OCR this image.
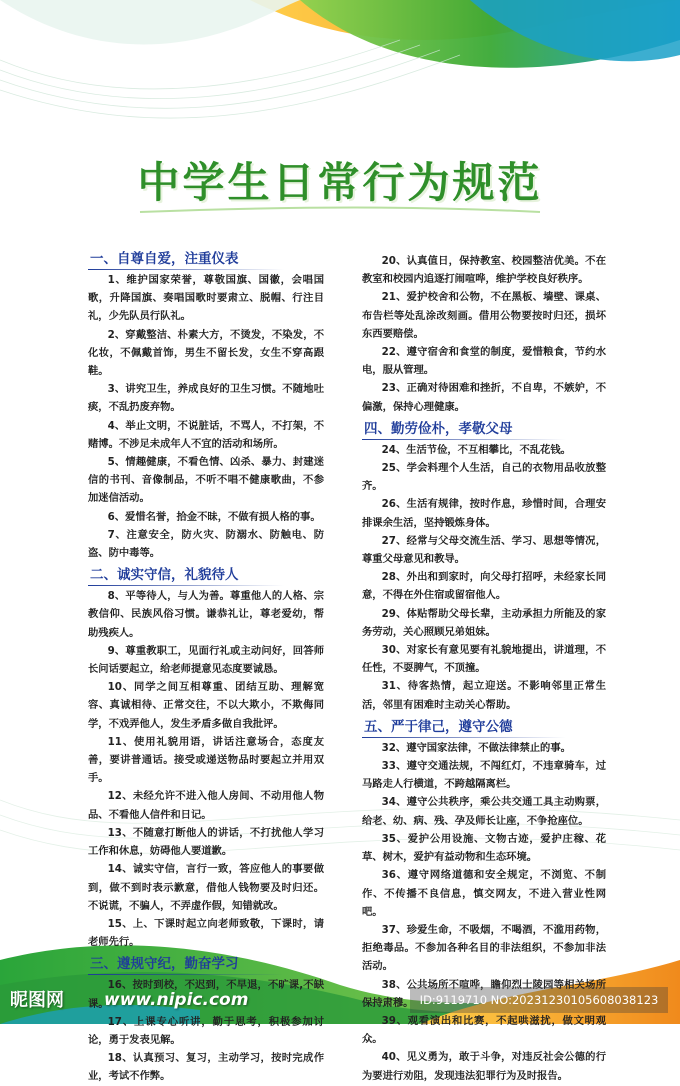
中学生日常行为规范
一、自尊自爱，注重仪表

1、维护国家荣誉，尊敬国旗、国徽，会唱国歌，升降国旗、奏唱国歌时要肃立、脱帽、行注目礼，少先队员行队礼。

2、穿戴整洁、朴素大方，不烫发，不染发，不化妆，不佩戴首饰，男生不留长发，女生不穿高跟鞋。

3、讲究卫生，养成良好的卫生习惯。不随地吐痰，不乱扔废弃物。

4、举止文明，不说脏话，不骂人，不打架，不赌博。不涉足未成年人不宜的活动和场所。

5、情趣健康，不看色情、凶杀、暴力、封建迷信的书刊、音像制品，不听不唱不健康歌曲，不参加迷信活动。

6、爱惜名誉，拾金不昧，不做有损人格的事。

7、注意安全，防火灾、防溺水、防触电、防盗、防中毒等。

二、诚实守信，礼貌待人

8、平等待人，与人为善。尊重他人的人格、宗教信仰、民族风俗习惯。谦恭礼让，尊老爱幼，帮助残疾人。

9、尊重教职工，见面行礼或主动问好，回答师长问话要起立，给老师提意见态度要诚恳。

10、同学之间互相尊重、团结互助、理解宽容、真诚相待、正常交往，不以大欺小，不欺侮同学，不戏弄他人，发生矛盾多做自我批评。

11、使用礼貌用语，讲话注意场合，态度友善，要讲普通话。接受或递送物品时要起立并用双手。

12、未经允许不进入他人房间、不动用他人物品、不看他人信件和日记。

13、不随意打断他人的讲话，不打扰他人学习工作和休息，妨碍他人要道歉。

14、诚实守信，言行一致，答应他人的事要做到，做不到时表示歉意，借他人钱物要及时归还。不说谎，不骗人，不弄虚作假，知错就改。

15、上、下课时起立向老师致敬，下课时，请老师先行。

三、遵规守纪，勤奋学习

16、按时到校，不迟到，不早退，不旷课,不缺课。

17、上课专心听讲，勤于思考，积极参加讨论，勇于发表见解。

18、认真预习、复习，主动学习，按时完成作业，考试不作弊。

20、认真值日，保持教室、校园整洁优美。不在教室和校园内追逐打闹喧哗，维护学校良好秩序。

21、爱护校舍和公物，不在黑板、墙壁、课桌、布告栏等处乱涂改刻画。借用公物要按时归还，损坏东西要赔偿。

22、遵守宿舍和食堂的制度，爱惜粮食，节约水电，服从管理。

23、正确对待困难和挫折，不自卑，不嫉妒，不偏激，保持心理健康。

四、勤劳俭朴，孝敬父母

24、生活节俭，不互相攀比，不乱花钱。

25、学会料理个人生活，自己的衣物用品收放整齐。

26、生活有规律，按时作息，珍惜时间，合理安排课余生活，坚持锻炼身体。

27、经常与父母交流生活、学习、思想等情况，尊重父母意见和教导。

28、外出和到家时，向父母打招呼，未经家长同意，不得在外住宿或留宿他人。

29、体贴帮助父母长辈，主动承担力所能及的家务劳动，关心照顾兄弟姐妹。

30、对家长有意见要有礼貌地提出，讲道理，不任性，不耍脾气，不顶撞。

31、待客热情，起立迎送。不影响邻里正常生活，邻里有困难时主动关心帮助。

五、严于律己，遵守公德

32、遵守国家法律，不做法律禁止的事。

33、遵守交通法规，不闯红灯，不违章骑车，过马路走人行横道，不跨越隔离栏。

34、遵守公共秩序，乘公共交通工具主动购票，给老、幼、病、残、孕及师长让座，不争抢座位。

35、爱护公用设施、文物古迹，爱护庄稼、花草、树木，爱护有益动物和生态环境。

36、遵守网络道德和安全规定，不浏览、不制作、不传播不良信息，慎交网友，不进入营业性网吧。

37、珍爱生命，不吸烟，不喝酒，不滥用药物，拒绝毒品。不参加各种名目的非法组织，不参加非法活动。

38、公共场所不喧哗，瞻仰烈士陵园等相关场所保持肃穆。

39、观看演出和比赛，不起哄滋扰，做文明观众。

40、见义勇为，敢于斗争，对违反社会公德的行为要进行劝阻，发现违法犯罪行为及时报告。

昵图网 www.nipic.com	ID:9119710 NO:20231230105608038123
